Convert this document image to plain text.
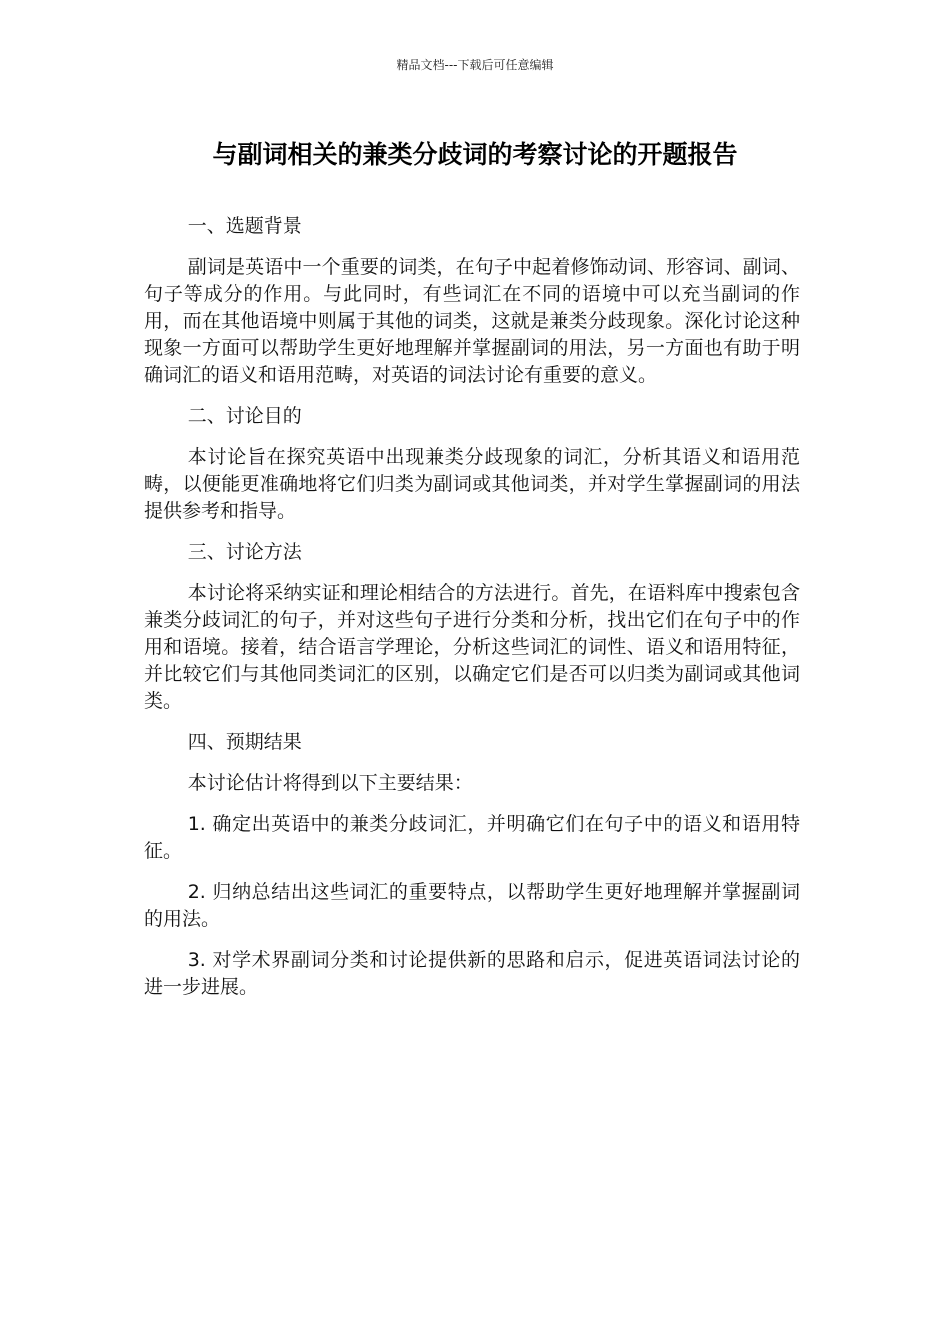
精品文档---下载后可任意编辑
与副词相关的兼类分歧词的考察讨论的开题报告

一、选题背景

副词是英语中一个重要的词类，在句子中起着修饰动词、形容词、副词、句子等成分的作用。与此同时，有些词汇在不同的语境中可以充当副词的作用，而在其他语境中则属于其他的词类，这就是兼类分歧现象。深化讨论这种现象一方面可以帮助学生更好地理解并掌握副词的用法，另一方面也有助于明确词汇的语义和语用范畴，对英语的词法讨论有重要的意义。

二、讨论目的

本讨论旨在探究英语中出现兼类分歧现象的词汇，分析其语义和语用范畴，以便能更准确地将它们归类为副词或其他词类，并对学生掌握副词的用法提供参考和指导。

三、讨论方法

本讨论将采纳实证和理论相结合的方法进行。首先，在语料库中搜索包含兼类分歧词汇的句子，并对这些句子进行分类和分析，找出它们在句子中的作用和语境。接着，结合语言学理论，分析这些词汇的词性、语义和语用特征，并比较它们与其他同类词汇的区别，以确定它们是否可以归类为副词或其他词类。

四、预期结果

本讨论估计将得到以下主要结果：

1. 确定出英语中的兼类分歧词汇，并明确它们在句子中的语义和语用特征。

2. 归纳总结出这些词汇的重要特点，以帮助学生更好地理解并掌握副词的用法。

3. 对学术界副词分类和讨论提供新的思路和启示，促进英语词法讨论的进一步进展。
